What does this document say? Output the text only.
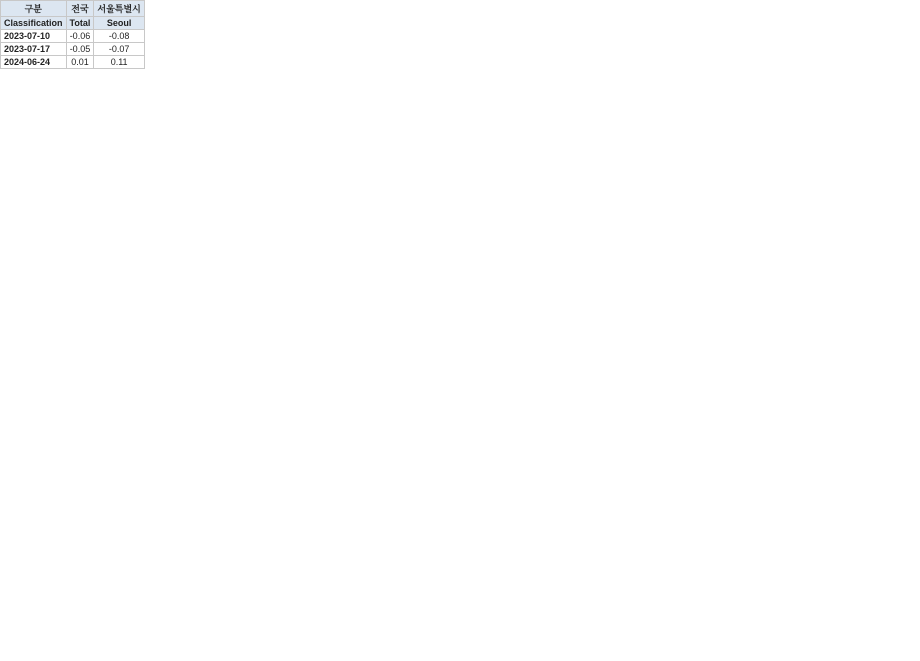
구분	전국	서울특별시
Classification	Total	Seoul
2023-07-10	-0.06	-0.08
2023-07-17	-0.05	-0.07
2024-06-24	0.01	0.11
